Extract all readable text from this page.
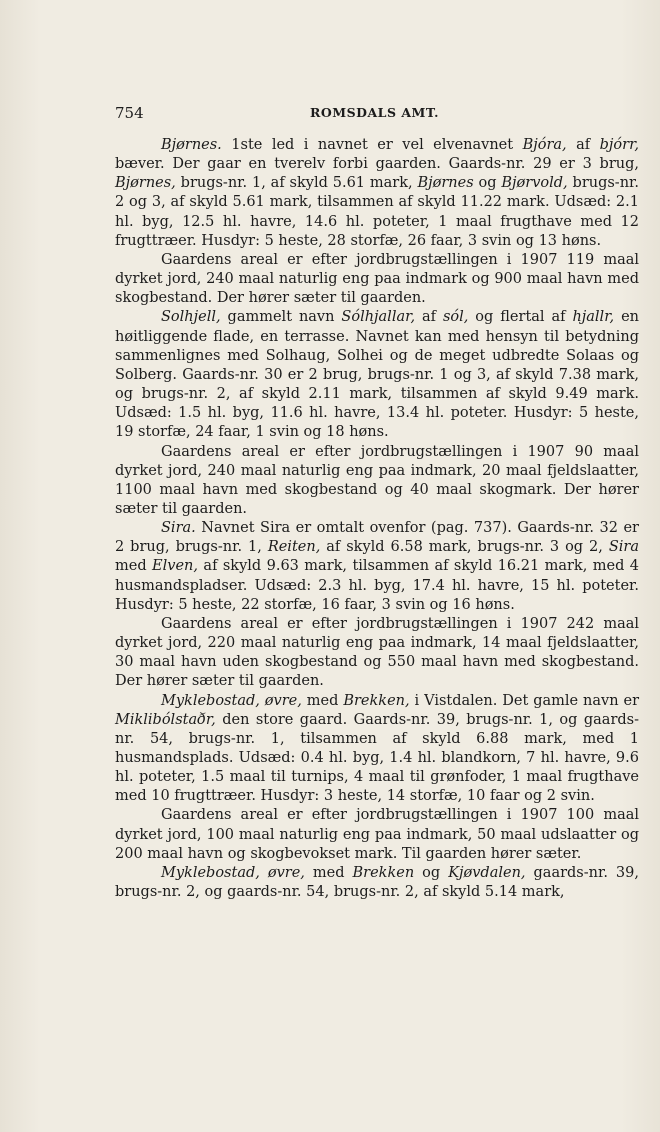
754	ROMSDALS AMT.

Bjørnes. 1ste led i navnet er vel elvenavnet Bjóra, af bjórr, bæver. Der gaar en tverelv forbi gaarden. Gaards-nr. 29 er 3 brug, Bjørnes, brugs-nr. 1, af skyld 5.61 mark, Bjørnes og Bjørvold, brugs-nr. 2 og 3, af skyld 5.61 mark, tilsammen af skyld 11.22 mark. Udsæd: 2.1 hl. byg, 12.5 hl. havre, 14.6 hl. poteter, 1 maal frugthave med 12 frugttræer. Husdyr: 5 heste, 28 storfæ, 26 faar, 3 svin og 13 høns.

Gaardens areal er efter jordbrugstællingen i 1907 119 maal dyrket jord, 240 maal naturlig eng paa indmark og 900 maal havn med skogbestand. Der hører sæter til gaarden.

Solhjell, gammelt navn Sólhjallar, af sól, og flertal af hjallr, en høitliggende flade, en terrasse. Navnet kan med hensyn til betydning sammenlignes med Solhaug, Solhei og de meget udbredte Solaas og Solberg. Gaards-nr. 30 er 2 brug, brugs-nr. 1 og 3, af skyld 7.38 mark, og brugs-nr. 2, af skyld 2.11 mark, tilsammen af skyld 9.49 mark. Udsæd: 1.5 hl. byg, 11.6 hl. havre, 13.4 hl. poteter. Husdyr: 5 heste, 19 storfæ, 24 faar, 1 svin og 18 høns.

Gaardens areal er efter jordbrugstællingen i 1907 90 maal dyrket jord, 240 maal naturlig eng paa indmark, 20 maal fjeldslaatter, 1100 maal havn med skogbestand og 40 maal skogmark. Der hører sæter til gaarden.

Sira. Navnet Sira er omtalt ovenfor (pag. 737). Gaards-nr. 32 er 2 brug, brugs-nr. 1, Reiten, af skyld 6.58 mark, brugs-nr. 3 og 2, Sira med Elven, af skyld 9.63 mark, tilsammen af skyld 16.21 mark, med 4 husmandspladser. Udsæd: 2.3 hl. byg, 17.4 hl. havre, 15 hl. poteter. Husdyr: 5 heste, 22 storfæ, 16 faar, 3 svin og 16 høns.

Gaardens areal er efter jordbrugstællingen i 1907 242 maal dyrket jord, 220 maal naturlig eng paa indmark, 14 maal fjeldslaatter, 30 maal havn uden skogbestand og 550 maal havn med skogbestand. Der hører sæter til gaarden.

Myklebostad, øvre, med Brekken, i Vistdalen. Det gamle navn er Miklibólstaðr, den store gaard. Gaards-nr. 39, brugs-nr. 1, og gaards-nr. 54, brugs-nr. 1, tilsammen af skyld 6.88 mark, med 1 husmandsplads. Udsæd: 0.4 hl. byg, 1.4 hl. blandkorn, 7 hl. havre, 9.6 hl. poteter, 1.5 maal til turnips, 4 maal til grønfoder, 1 maal frugthave med 10 frugttræer. Husdyr: 3 heste, 14 storfæ, 10 faar og 2 svin.

Gaardens areal er efter jordbrugstællingen i 1907 100 maal dyrket jord, 100 maal naturlig eng paa indmark, 50 maal udslaatter og 200 maal havn og skogbevokset mark. Til gaarden hører sæter.

Myklebostad, øvre, med Brekken og Kjøvdalen, gaards-nr. 39, brugs-nr. 2, og gaards-nr. 54, brugs-nr. 2, af skyld 5.14 mark,
